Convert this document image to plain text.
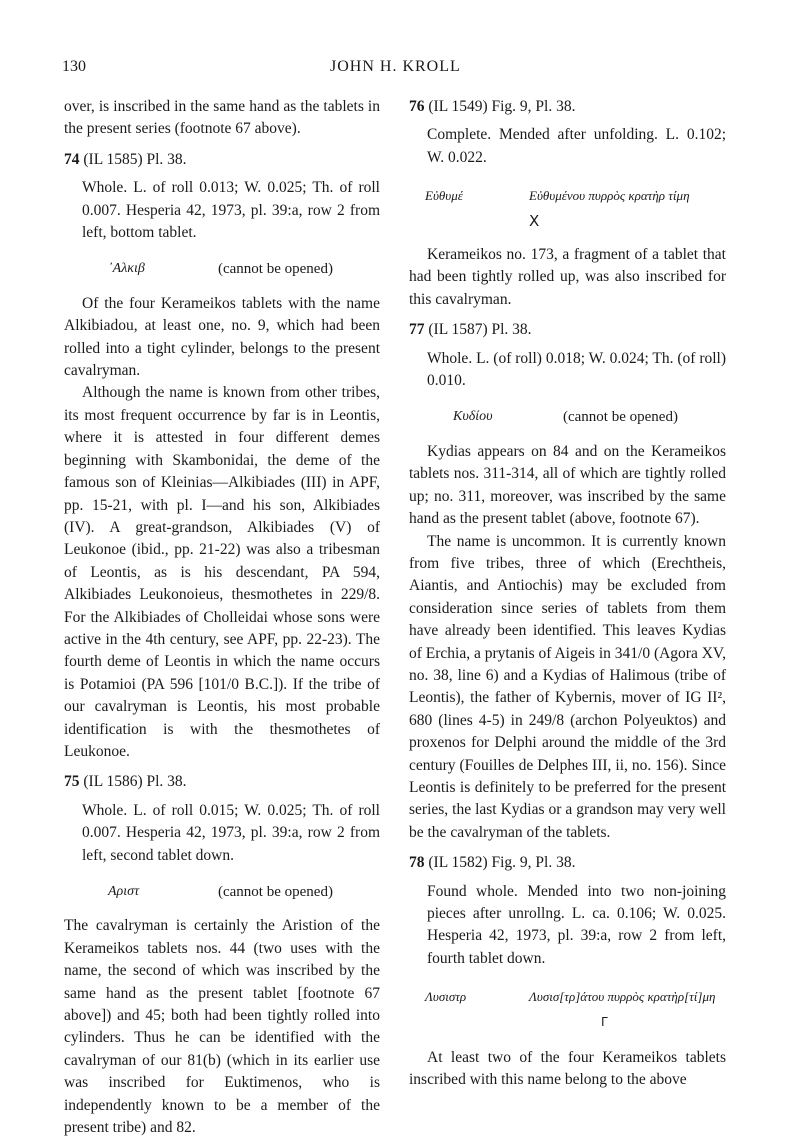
130	JOHN H. KROLL

over, is inscribed in the same hand as the tablets in the present series (footnote 67 above).

74 (IL 1585) Pl. 38.

Whole. L. of roll 0.013; W. 0.025; Th. of roll 0.007. Hesperia 42, 1973, pl. 39:a, row 2 from left, bottom tablet.

᾿Αλκιβ	(cannot be opened)

Of the four Kerameikos tablets with the name Alkibiadou, at least one, no. 9, which had been rolled into a tight cylinder, belongs to the present cavalryman.

Although the name is known from other tribes, its most frequent occurrence by far is in Leontis, where it is attested in four different demes beginning with Skambonidai, the deme of the famous son of Kleinias—Alkibiades (III) in APF, pp. 15-21, with pl. I—and his son, Alkibiades (IV). A great-grandson, Alkibiades (V) of Leukonoe (ibid., pp. 21-22) was also a tribesman of Leontis, as is his descendant, PA 594, Alkibiades Leukonoieus, thesmothetes in 229/8. For the Alkibiades of Cholleidai whose sons were active in the 4th century, see APF, pp. 22-23). The fourth deme of Leontis in which the name occurs is Potamioi (PA 596 [101/0 B.C.]). If the tribe of our cavalryman is Leontis, his most probable identification is with the thesmothetes of Leukonoe.

75 (IL 1586) Pl. 38.

Whole. L. of roll 0.015; W. 0.025; Th. of roll 0.007. Hesperia 42, 1973, pl. 39:a, row 2 from left, second tablet down.

Αριστ	(cannot be opened)

The cavalryman is certainly the Aristion of the Kerameikos tablets nos. 44 (two uses with the name, the second of which was inscribed by the same hand as the present tablet [footnote 67 above]) and 45; both had been tightly rolled into cylinders. Thus he can be identified with the cavalryman of our 81(b) (which in its earlier use was inscribed for Euktimenos, who is independently known to be a member of the present tribe) and 82.

76 (IL 1549) Fig. 9, Pl. 38.

Complete. Mended after unfolding. L. 0.102; W. 0.022.

Εὐθυμέ	Εὐθυμένου πυρρὸς κρατὴρ τίμη
X

Kerameikos no. 173, a fragment of a tablet that had been tightly rolled up, was also inscribed for this cavalryman.

77 (IL 1587) Pl. 38.

Whole. L. (of roll) 0.018; W. 0.024; Th. (of roll) 0.010.

Κυδίου	(cannot be opened)

Kydias appears on 84 and on the Kerameikos tablets nos. 311-314, all of which are tightly rolled up; no. 311, moreover, was inscribed by the same hand as the present tablet (above, footnote 67).

The name is uncommon. It is currently known from five tribes, three of which (Erechtheis, Aiantis, and Antiochis) may be excluded from consideration since series of tablets from them have already been identified. This leaves Kydias of Erchia, a prytanis of Aigeis in 341/0 (Agora XV, no. 38, line 6) and a Kydias of Halimous (tribe of Leontis), the father of Kybernis, mover of IG II², 680 (lines 4-5) in 249/8 (archon Polyeuktos) and proxenos for Delphi around the middle of the 3rd century (Fouilles de Delphes III, ii, no. 156). Since Leontis is definitely to be preferred for the present series, the last Kydias or a grandson may very well be the cavalryman of the tablets.

78 (IL 1582) Fig. 9, Pl. 38.

Found whole. Mended into two non-joining pieces after unrollng. L. ca. 0.106; W. 0.025. Hesperia 42, 1973, pl. 39:a, row 2 from left, fourth tablet down.

Λυσιστρ	Λυσισ[τρ]άτου πυρρὸς κρατὴρ[τί]μη
Γ

At least two of the four Kerameikos tablets inscribed with this name belong to the above
